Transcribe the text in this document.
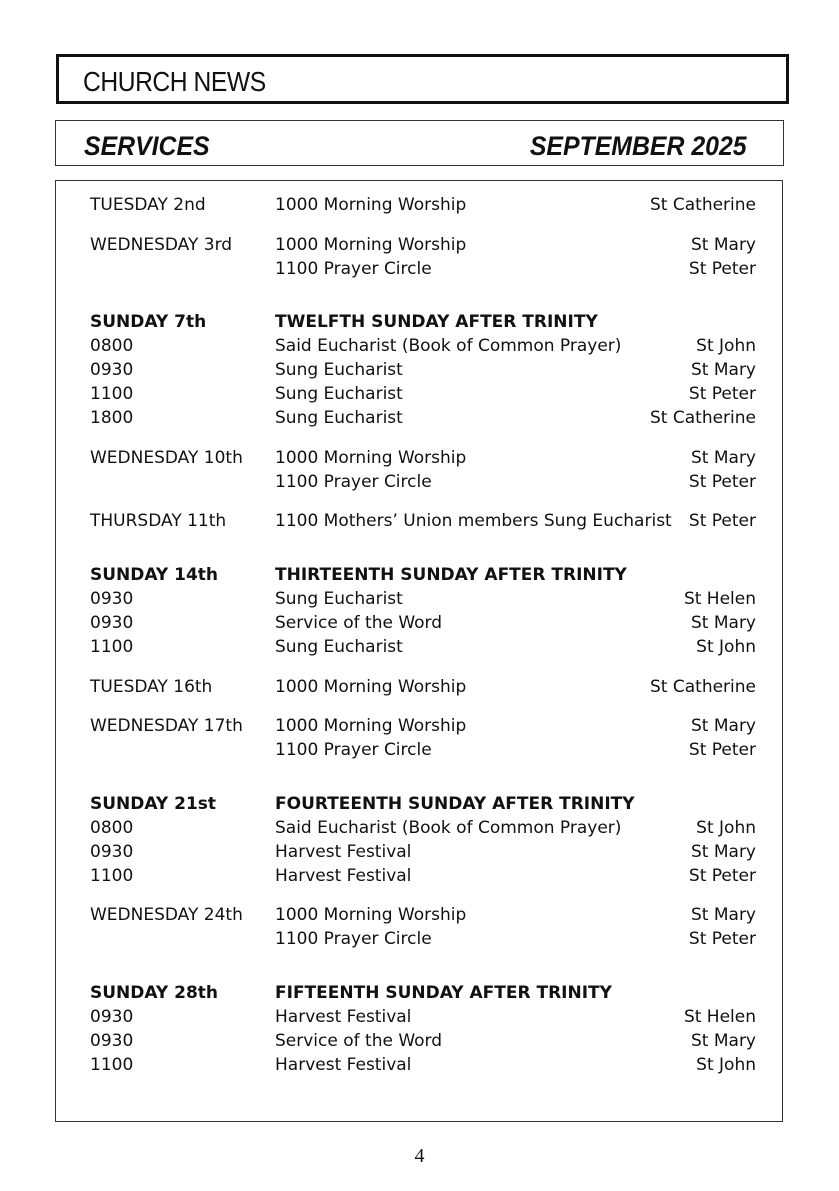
CHURCH NEWS
SERVICES	SEPTEMBER 2025
TUESDAY 2nd	1000 Morning Worship	St Catherine
WEDNESDAY 3rd	1000 Morning Worship	St Mary
1100 Prayer Circle	St Peter
SUNDAY 7th	TWELFTH SUNDAY AFTER TRINITY
0800	Said Eucharist (Book of Common Prayer)	St John
0930	Sung Eucharist	St Mary
1100	Sung Eucharist	St Peter
1800	Sung Eucharist	St Catherine
WEDNESDAY 10th 1000 Morning Worship	St Mary
1100 Prayer Circle	St Peter
THURSDAY 11th	1100 Mothers’ Union members Sung Eucharist St Peter
SUNDAY 14th	THIRTEENTH SUNDAY AFTER TRINITY
0930	Sung Eucharist	St Helen
0930	Service of the Word	St Mary
1100	Sung Eucharist	St John
TUESDAY 16th	1000 Morning Worship	St Catherine
WEDNESDAY 17th 1000 Morning Worship	St Mary
1100 Prayer Circle	St Peter
SUNDAY 21st	FOURTEENTH SUNDAY AFTER TRINITY
0800	Said Eucharist (Book of Common Prayer)	St John
0930	Harvest Festival	St Mary
1100	Harvest Festival	St Peter
WEDNESDAY 24th 1000 Morning Worship	St Mary
1100 Prayer Circle	St Peter
SUNDAY 28th	FIFTEENTH SUNDAY AFTER TRINITY
0930	Harvest Festival	St Helen
0930	Service of the Word	St Mary
1100	Harvest Festival	St John
4
